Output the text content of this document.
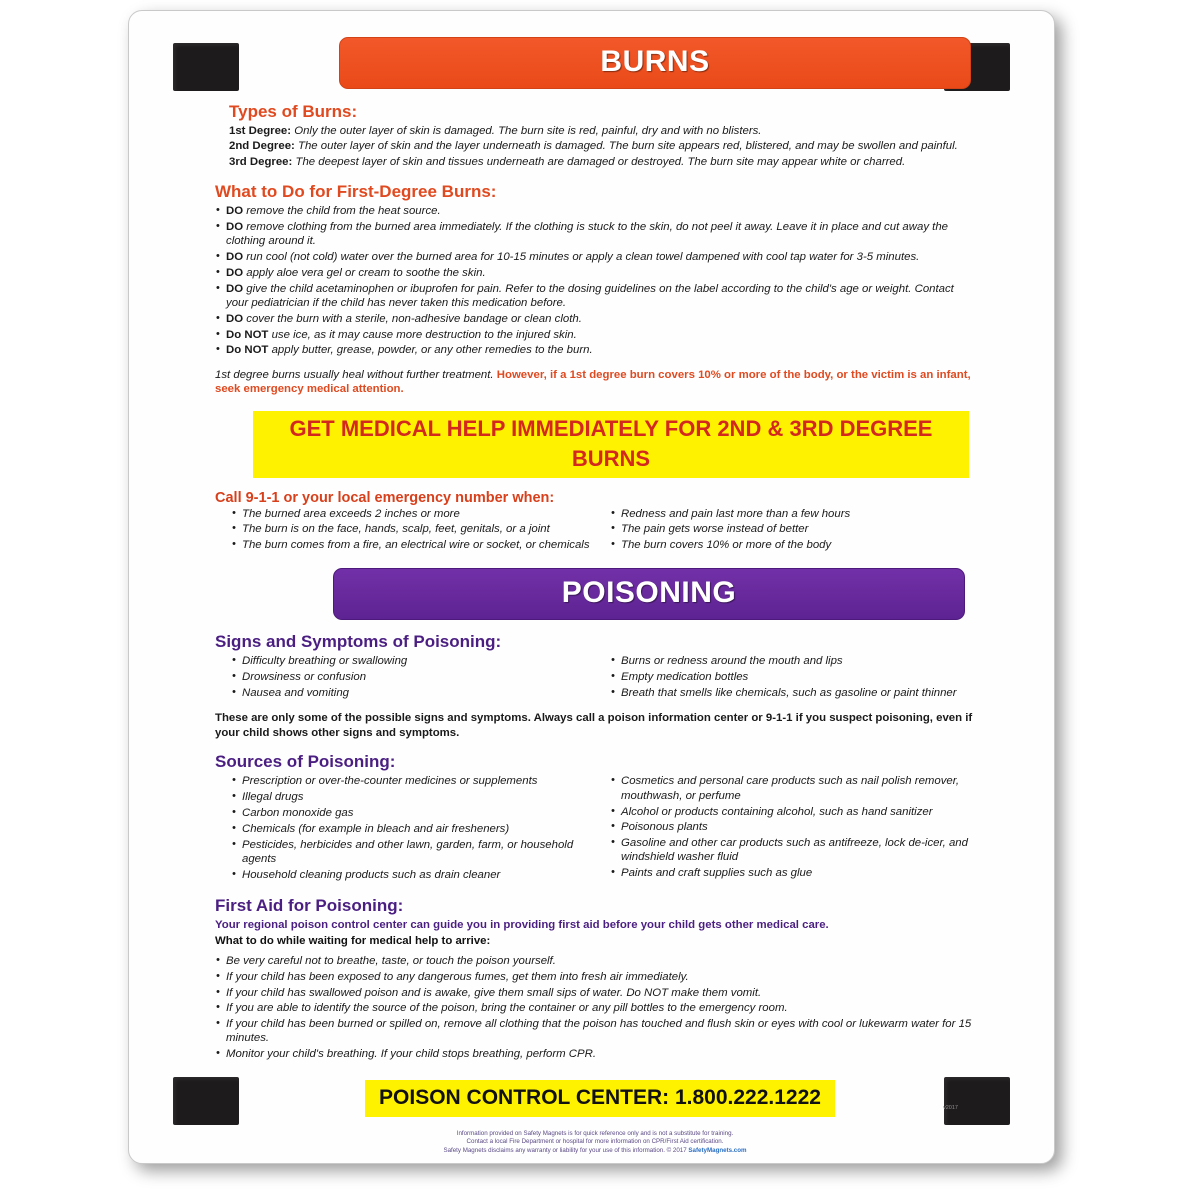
BURNS
Types of Burns:

1st Degree: Only the outer layer of skin is damaged. The burn site is red, painful, dry and with no blisters.

2nd Degree: The outer layer of skin and the layer underneath is damaged. The burn site appears red, blistered, and may be swollen and painful.

3rd Degree: The deepest layer of skin and tissues underneath are damaged or destroyed. The burn site may appear white or charred.

What to Do for First-Degree Burns:
• DO remove the child from the heat source.
• DO remove clothing from the burned area immediately. If the clothing is stuck to the skin, do not peel it away. Leave it in place and cut away the clothing around it.
• DO run cool (not cold) water over the burned area for 10-15 minutes or apply a clean towel dampened with cool tap water for 3-5 minutes.
• DO apply aloe vera gel or cream to soothe the skin.
• DO give the child acetaminophen or ibuprofen for pain. Refer to the dosing guidelines on the label according to the child's age or weight. Contact your pediatrician if the child has never taken this medication before.
• DO cover the burn with a sterile, non-adhesive bandage or clean cloth.
• Do NOT use ice, as it may cause more destruction to the injured skin.
• Do NOT apply butter, grease, powder, or any other remedies to the burn.

1st degree burns usually heal without further treatment. However, if a 1st degree burn covers 10% or more of the body, or the victim is an infant, seek emergency medical attention.

GET MEDICAL HELP IMMEDIATELY FOR 2ND & 3RD DEGREE BURNS
Call 9-1-1 or your local emergency number when:
• The burned area exceeds 2 inches or more
• The burn is on the face, hands, scalp, feet, genitals, or a joint
• The burn comes from a fire, an electrical wire or socket, or chemicals
• Redness and pain last more than a few hours
• The pain gets worse instead of better
• The burn covers 10% or more of the body
POISONING
Signs and Symptoms of Poisoning:
• Difficulty breathing or swallowing
• Drowsiness or confusion
• Nausea and vomiting
• Burns or redness around the mouth and lips
• Empty medication bottles
• Breath that smells like chemicals, such as gasoline or paint thinner

These are only some of the possible signs and symptoms. Always call a poison information center or 9-1-1 if you suspect poisoning, even if your child shows other signs and symptoms.

Sources of Poisoning:
• Prescription or over-the-counter medicines or supplements
• Illegal drugs
• Carbon monoxide gas
• Chemicals (for example in bleach and air fresheners)
• Pesticides, herbicides and other lawn, garden, farm, or household agents
• Household cleaning products such as drain cleaner
• Cosmetics and personal care products such as nail polish remover, mouthwash, or perfume
• Alcohol or products containing alcohol, such as hand sanitizer
• Poisonous plants
• Gasoline and other car products such as antifreeze, lock de-icer, and windshield washer fluid
• Paints and craft supplies such as glue
First Aid for Poisoning:
Your regional poison control center can guide you in providing first aid before your child gets other medical care.
What to do while waiting for medical help to arrive:
• Be very careful not to breathe, taste, or touch the poison yourself.
• If your child has been exposed to any dangerous fumes, get them into fresh air immediately.
• If your child has swallowed poison and is awake, give them small sips of water. Do NOT make them vomit.
• If you are able to identify the source of the poison, bring the container or any pill bottles to the emergency room.
• If your child has been burned or spilled on, remove all clothing that the poison has touched and flush skin or eyes with cool or lukewarm water for 15 minutes.
• Monitor your child's breathing. If your child stops breathing, perform CPR.
POISON CONTROL CENTER: 1.800.222.1222
Information provided on Safety Magnets is for quick reference only and is not a substitute for training.
Contact a local Fire Department or hospital for more information on CPR/First Aid certification.
Safety Magnets disclaims any warranty or liability for your use of this information. © 2017 SafetyMagnets.com
v2017
